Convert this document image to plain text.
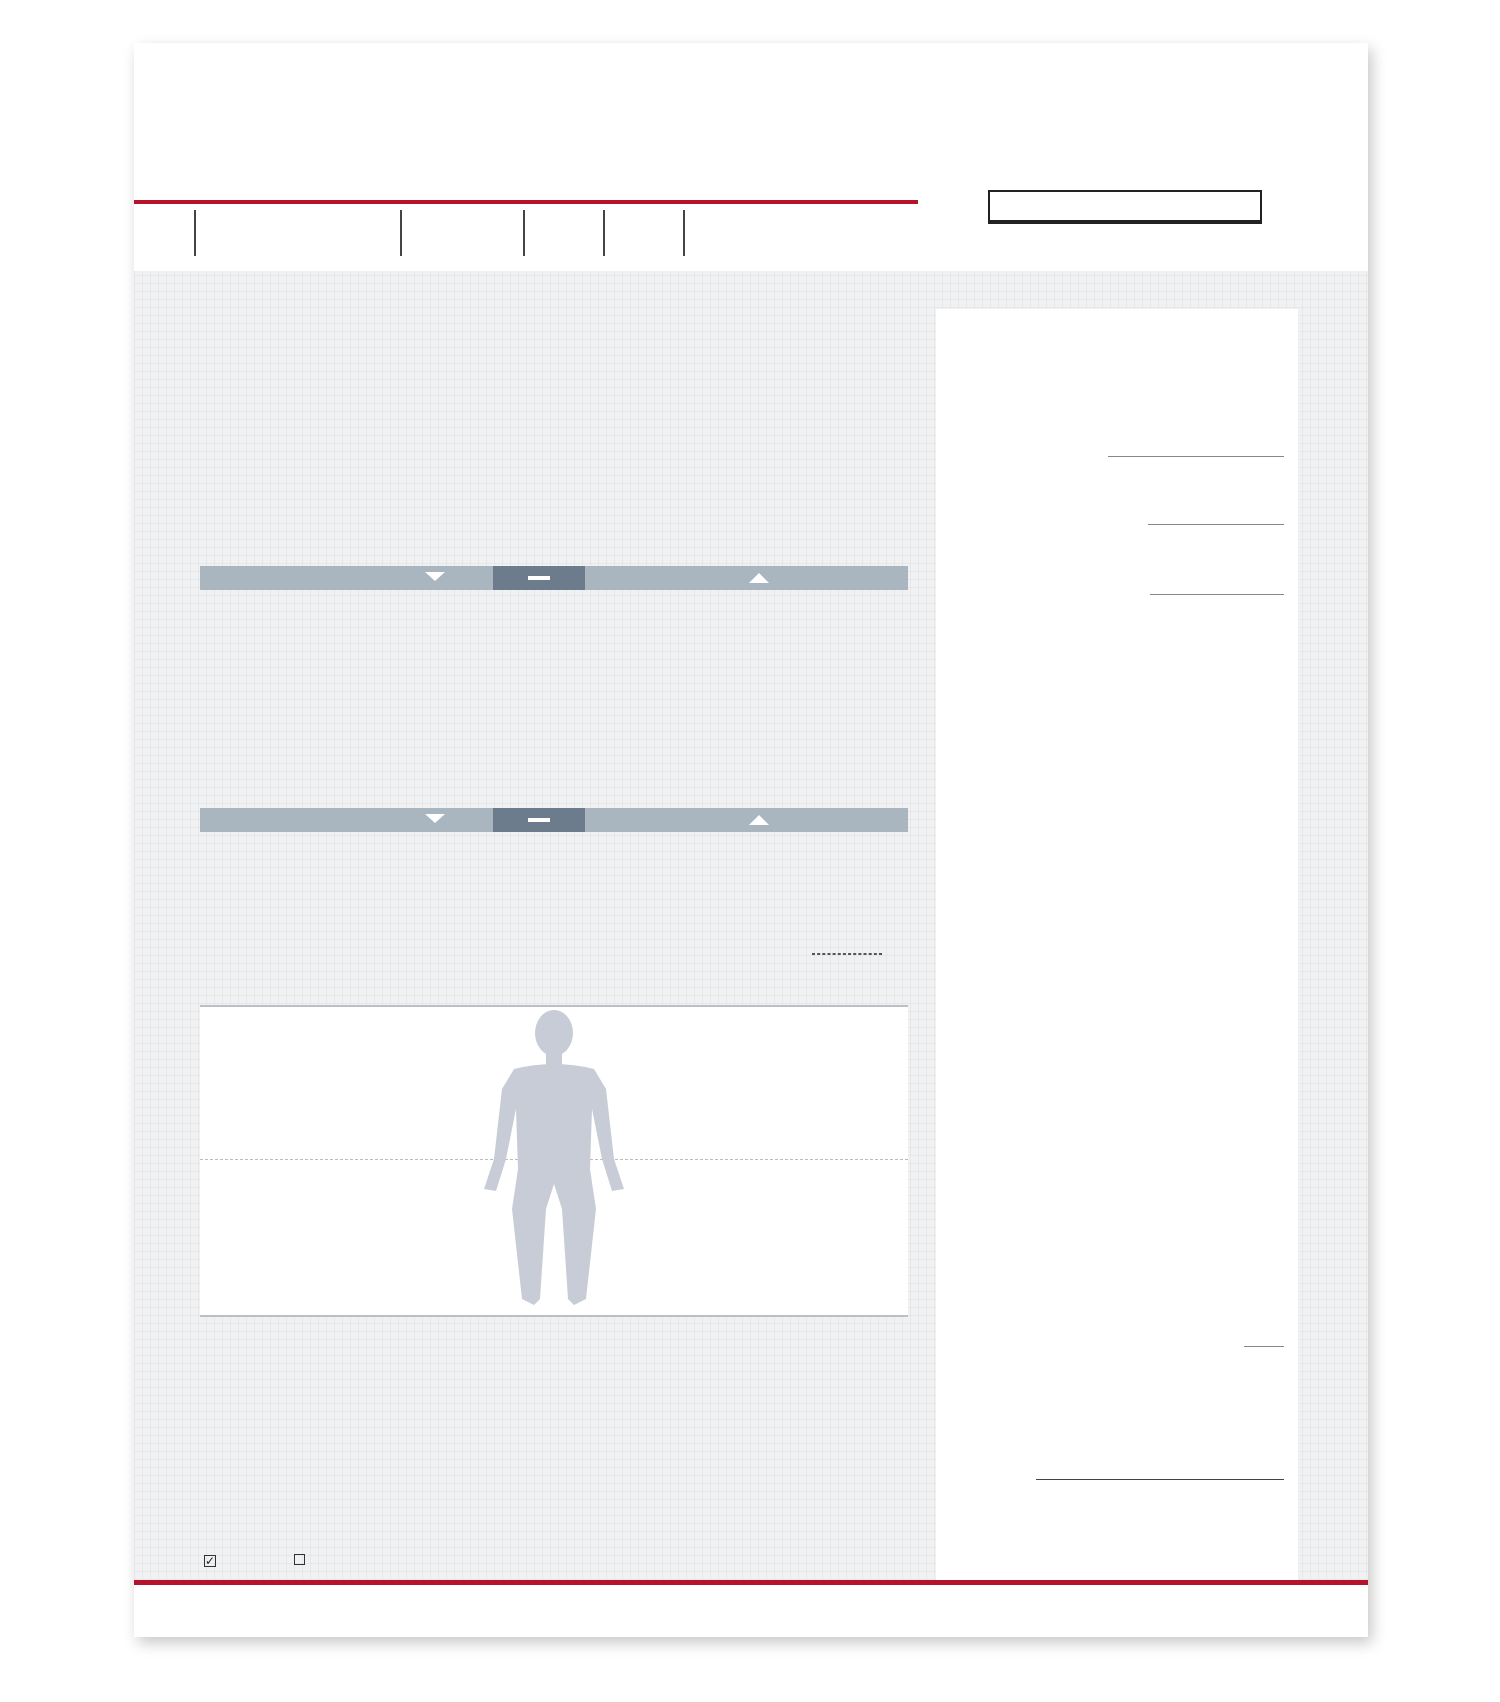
✓
